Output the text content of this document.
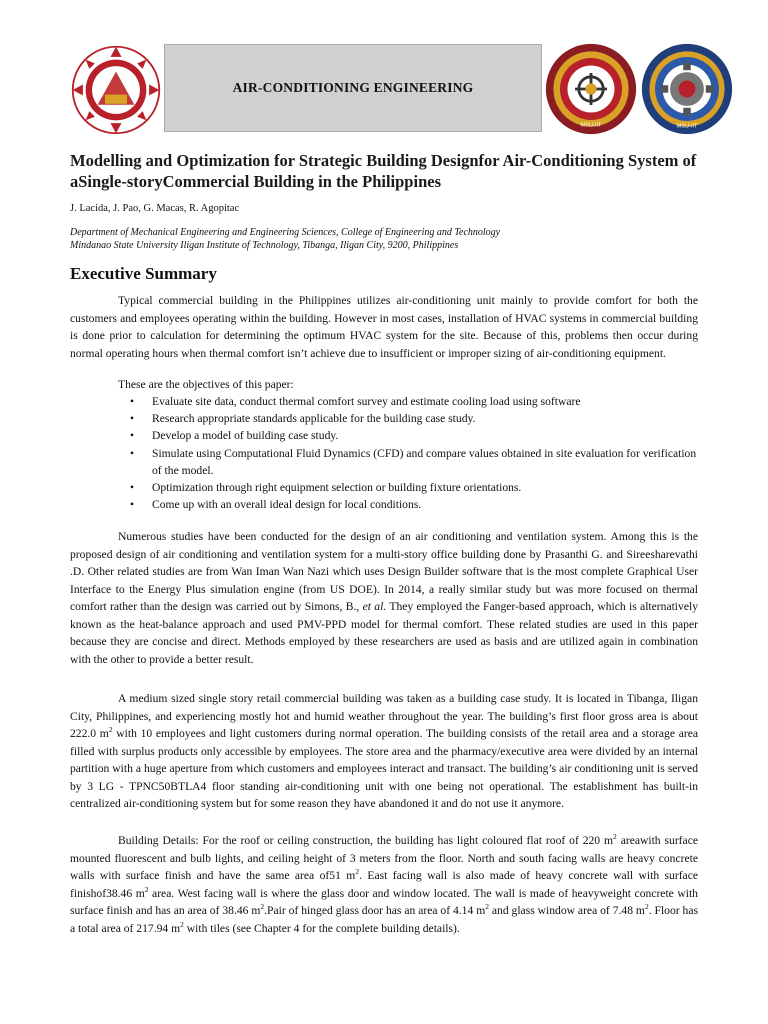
1968
AIR-CONDITIONING ENGINEERING
MSU-IIT	MSU-IIT
Modelling and Optimization for Strategic Building Designfor Air-Conditioning System of aSingle-storyCommercial Building in the Philippines
J. Lacida, J. Pao, G. Macas, R. Agopitac
Department of Mechanical Engineering and Engineering Sciences, College of Engineering and Technology
Mindanao State University Iligan Institute of Technology, Tibanga, Iligan City, 9200, Philippines
Executive Summary

Typical commercial building in the Philippines utilizes air-conditioning unit mainly to provide comfort for both the customers and employees operating within the building. However in most cases, installation of HVAC systems in commercial building is done prior to calculation for determining the optimum HVAC system for the site. Because of this, problems then occur during normal operating hours when thermal comfort isn’t achieve due to insufficient or improper sizing of air-conditioning equipment.

These are the objectives of this paper:
• Evaluate site data, conduct thermal comfort survey and estimate cooling load using software
• Research appropriate standards applicable for the building case study.
• Develop a model of building case study.
• Simulate using Computational Fluid Dynamics (CFD) and compare values obtained in site evaluation for verification of the model.
• Optimization through right equipment selection or building fixture orientations.
• Come up with an overall ideal design for local conditions.

Numerous studies have been conducted for the design of an air conditioning and ventilation system. Among this is the proposed design of air conditioning and ventilation system for a multi-story office building done by Prasanthi G. and Sireesharevathi .D. Other related studies are from Wan Iman Wan Nazi which uses Design Builder software that is the most complete Graphical User Interface to the Energy Plus simulation engine (from US DOE). In 2014, a really similar study but was more focused on thermal comfort rather than the design was carried out by Simons, B., et al. They employed the Fanger-based approach, which is alternatively known as the heat-balance approach and used PMV-PPD model for thermal comfort. These related studies are used in this paper because they are concise and direct. Methods employed by these researchers are used as basis and are utilized again in combination with the other to provide a better result.

A medium sized single story retail commercial building was taken as a building case study. It is located in Tibanga, Iligan City, Philippines, and experiencing mostly hot and humid weather throughout the year. The building’s first floor gross area is about 222.0 $m^2$ with 10 employees and light customers during normal operation. The building consists of the retail area and a storage area filled with surplus products only accessible by employees. The store area and the pharmacy/executive area were divided by an internal partition with a huge aperture from which customers and employees interact and transact. The building’s air conditioning unit is served by 3 LG - TPNC50BTLA4 floor standing air-conditioning unit with one being not operational. The establishment has built-in centralized air-conditioning system but for some reason they have abandoned it and do not use it anymore.

Building Details: For the roof or ceiling construction, the building has light coloured flat roof of 220 $m^2$ areawith surface mounted fluorescent and bulb lights, and ceiling height of 3 meters from the floor. North and south facing walls are heavy concrete walls with surface finish and have the same area of51 $m^2$. East facing wall is also made of heavy concrete wall with surface finishof38.46 $m^2$ area. West facing wall is where the glass door and window located. The wall is made of heavyweight concrete with surface finish and has an area of 38.46 $m^2.Pair$ of hinged glass door has an area of 4.14 $m^2$ and glass window area of 7.48 $m^2$. Floor has a total area of 217.94 $m^2$ with tiles (see Chapter 4 for the complete building details).
